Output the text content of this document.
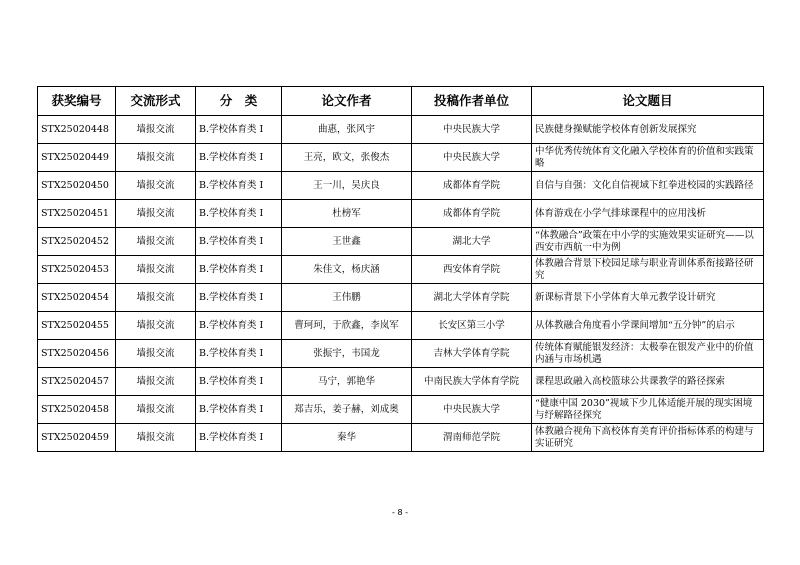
获奖编号	交流形式	分　类	论文作者	投稿作者单位	论文题目
STX25020448	墙报交流	B.学校体育类 I	曲惠，张风宇	中央民族大学	民族健身操赋能学校体育创新发展探究
STX25020449	墙报交流	B.学校体育类 I	王亮，欧文，张俊杰	中央民族大学	中华优秀传统体育文化融入学校体育的价值和实践策略
STX25020450	墙报交流	B.学校体育类 I	王一川，吴庆良	成都体育学院	自信与自强：文化自信视域下红拳进校园的实践路径
STX25020451	墙报交流	B.学校体育类 I	杜榜军	成都体育学院	体育游戏在小学气排球课程中的应用浅析
STX25020452	墙报交流	B.学校体育类 I	王世鑫	湖北大学	“体教融合”政策在中小学的实施效果实证研究——以西安市西航一中为例
STX25020453	墙报交流	B.学校体育类 I	朱佳文，杨庆涵	西安体育学院	体教融合背景下校园足球与职业青训体系衔接路径研究
STX25020454	墙报交流	B.学校体育类 I	王伟鹏	湖北大学体育学院	新课标背景下小学体育大单元教学设计研究
STX25020455	墙报交流	B.学校体育类 I	曹珂珂，于欣鑫，李岚军	长安区第三小学	从体教融合角度看小学课间增加“五分钟”的启示
STX25020456	墙报交流	B.学校体育类 I	张振宇，韦国龙	吉林大学体育学院	传统体育赋能银发经济：太极拳在银发产业中的价值内涵与市场机遇
STX25020457	墙报交流	B.学校体育类 I	马宁，郭艳华	中南民族大学体育学院	课程思政融入高校篮球公共课教学的路径探索
STX25020458	墙报交流	B.学校体育类 I	郑吉乐，姜子赫，刘成奥	中央民族大学	“健康中国 2030”视域下少儿体适能开展的现实困境与纾解路径探究
STX25020459	墙报交流	B.学校体育类 I	秦华	渭南师范学院	体教融合视角下高校体育美育评价指标体系的构建与实证研究
- 8 -
